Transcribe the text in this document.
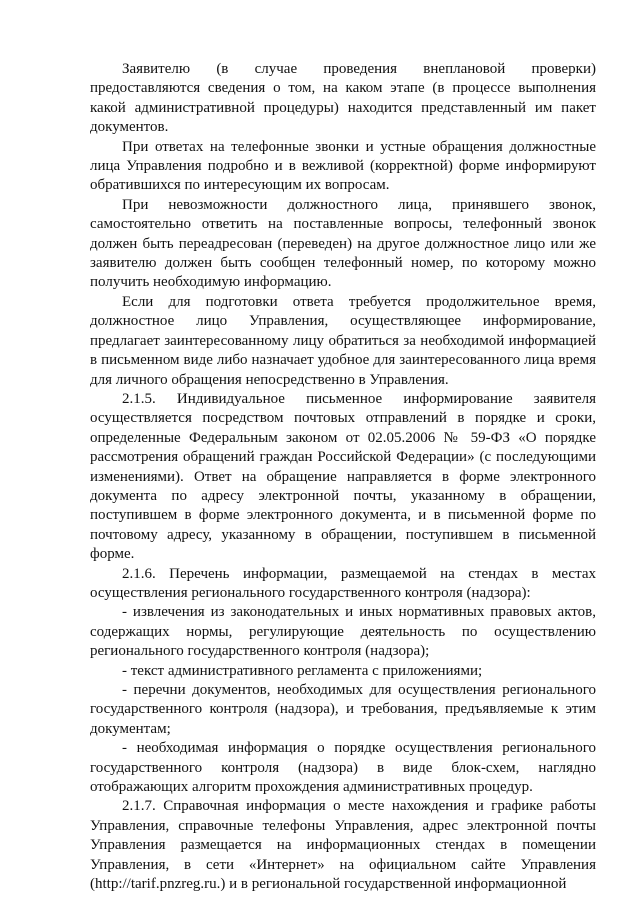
Заявителю (в случае проведения внеплановой проверки) предоставляются сведения о том, на каком этапе (в процессе выполнения какой административной процедуры) находится представленный им пакет документов.

При ответах на телефонные звонки и устные обращения должностные лица Управления подробно и в вежливой (корректной) форме информируют обратившихся по интересующим их вопросам.

При невозможности должностного лица, принявшего звонок, самостоятельно ответить на поставленные вопросы, телефонный звонок должен быть переадресован (переведен) на другое должностное лицо или же заявителю должен быть сообщен телефонный номер, по которому можно получить необходимую информацию.

Если для подготовки ответа требуется продолжительное время, должностное лицо Управления, осуществляющее информирование, предлагает заинтересованному лицу обратиться за необходимой информацией в письменном виде либо назначает удобное для заинтересованного лица время для личного обращения непосредственно в Управления.

2.1.5. Индивидуальное письменное информирование заявителя осуществляется посредством почтовых отправлений в порядке и сроки, определенные Федеральным законом от 02.05.2006 № 59-ФЗ «О порядке рассмотрения обращений граждан Российской Федерации» (с последующими изменениями). Ответ на обращение направляется в форме электронного документа по адресу электронной почты, указанному в обращении, поступившем в форме электронного документа, и в письменной форме по почтовому адресу, указанному в обращении, поступившем в письменной форме.

2.1.6. Перечень информации, размещаемой на стендах в местах осуществления регионального государственного контроля (надзора):

- извлечения из законодательных и иных нормативных правовых актов, содержащих нормы, регулирующие деятельность по осуществлению регионального государственного контроля (надзора);

- текст административного регламента с приложениями;

- перечни документов, необходимых для осуществления регионального государственного контроля (надзора), и требования, предъявляемые к этим документам;

- необходимая информация о порядке осуществления регионального государственного контроля (надзора) в виде блок-схем, наглядно отображающих алгоритм прохождения административных процедур.

2.1.7. Справочная информация о месте нахождения и графике работы Управления, справочные телефоны Управления, адрес электронной почты Управления размещается на информационных стендах в помещении Управления, в сети «Интернет» на официальном сайте Управления (http://tarif.pnzreg.ru.) и в региональной государственной информационной
